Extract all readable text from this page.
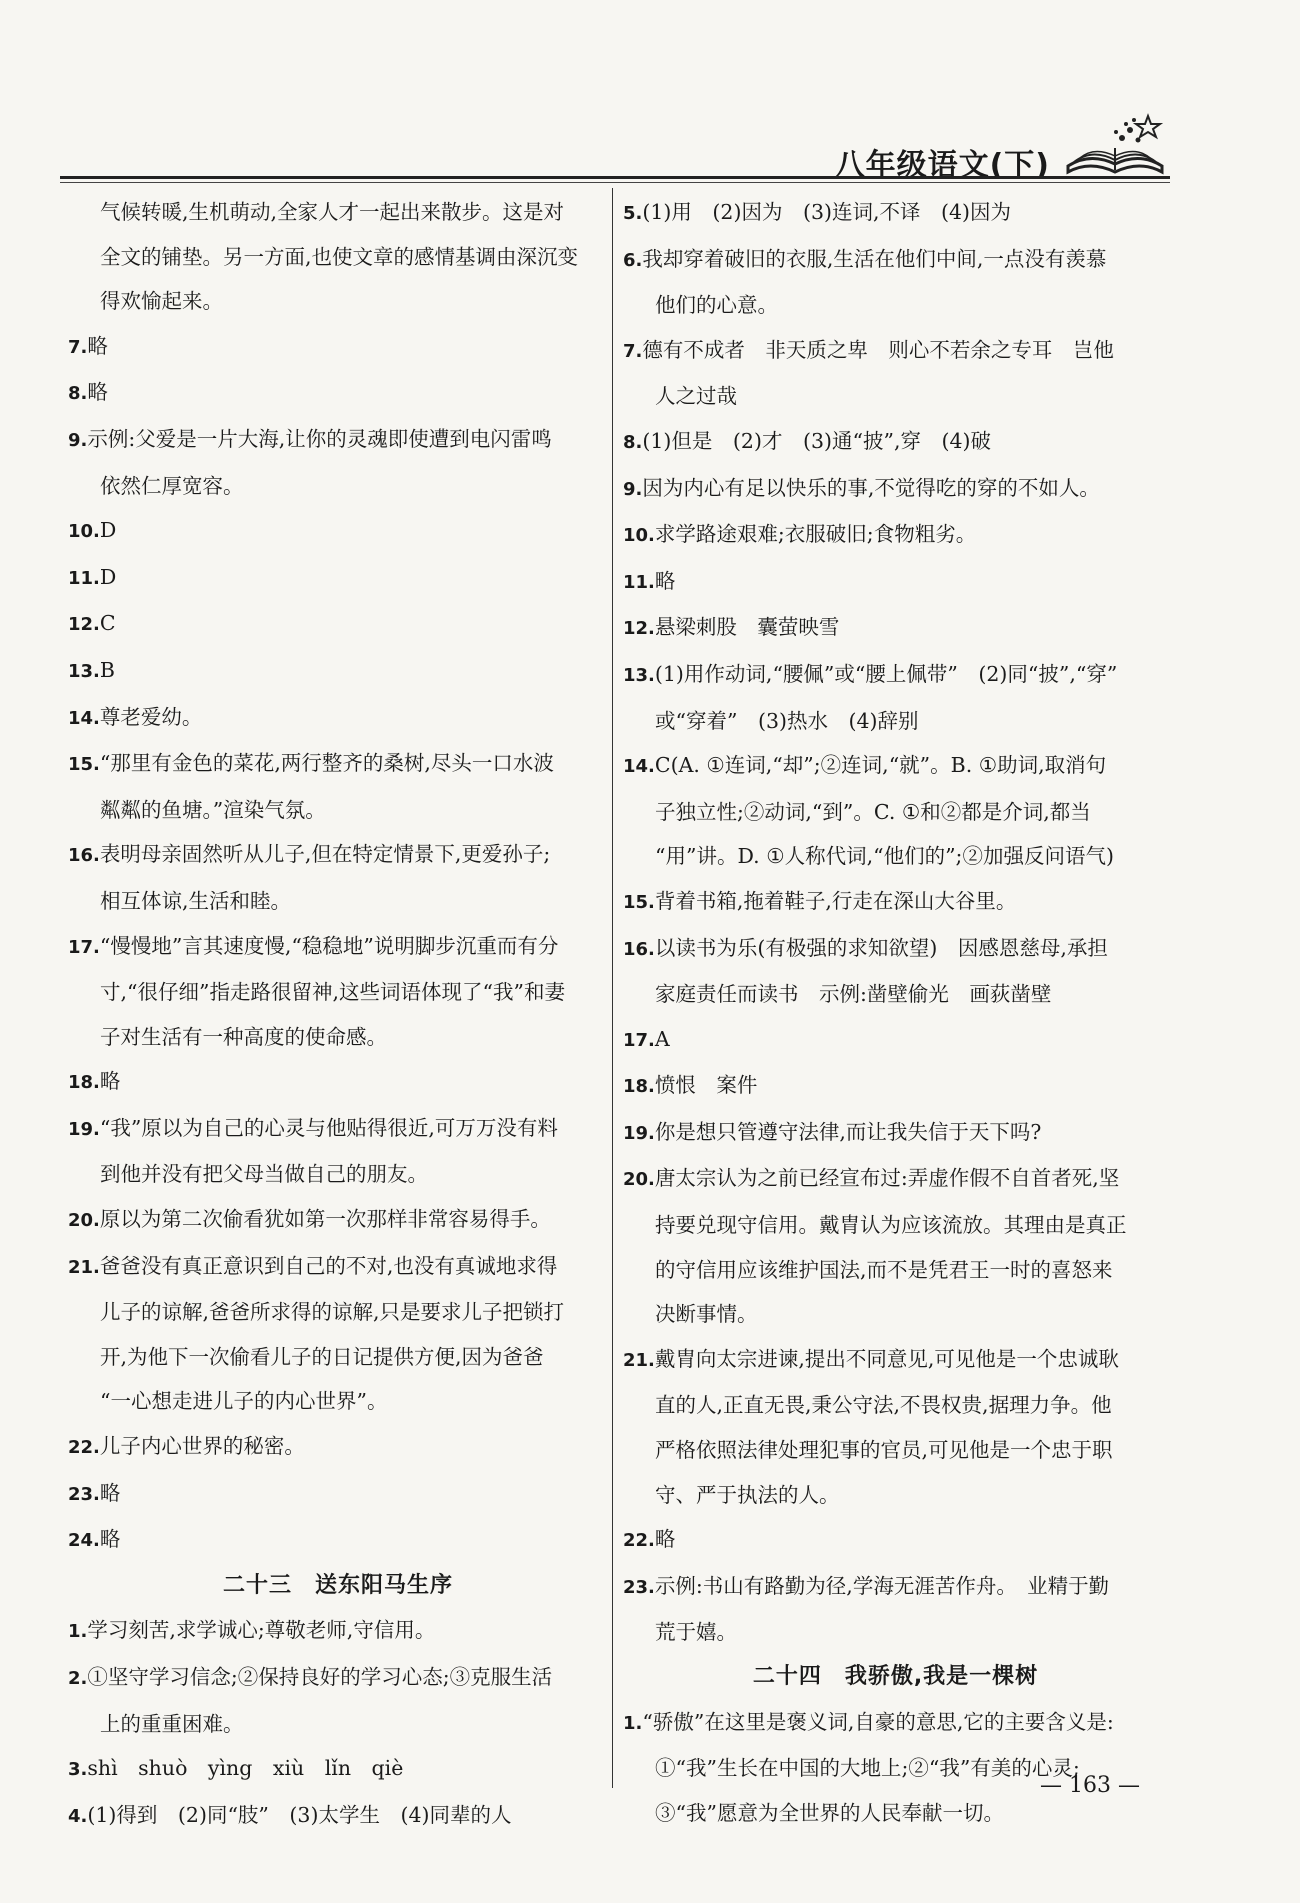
八年级语文(下)
气候转暖,生机萌动,全家人才一起出来散步。这是对
全文的铺垫。另一方面,也使文章的感情基调由深沉变
得欢愉起来。
7.略
8.略
9.示例:父爱是一片大海,让你的灵魂即使遭到电闪雷鸣
依然仁厚宽容。
10.D
11.D
12.C
13.B
14.尊老爱幼。
15.“那里有金色的菜花,两行整齐的桑树,尽头一口水波
粼粼的鱼塘。”渲染气氛。
16.表明母亲固然听从儿子,但在特定情景下,更爱孙子;
相互体谅,生活和睦。
17.“慢慢地”言其速度慢,“稳稳地”说明脚步沉重而有分
寸,“很仔细”指走路很留神,这些词语体现了“我”和妻
子对生活有一种高度的使命感。
18.略
19.“我”原以为自己的心灵与他贴得很近,可万万没有料
到他并没有把父母当做自己的朋友。
20.原以为第二次偷看犹如第一次那样非常容易得手。
21.爸爸没有真正意识到自己的不对,也没有真诚地求得
儿子的谅解,爸爸所求得的谅解,只是要求儿子把锁打
开,为他下一次偷看儿子的日记提供方便,因为爸爸
“一心想走进儿子的内心世界”。
22.儿子内心世界的秘密。
23.略
24.略
二十三　送东阳马生序
1.学习刻苦,求学诚心;尊敬老师,守信用。
2.①坚守学习信念;②保持良好的学习心态;③克服生活
上的重重困难。
3.shì　shuò　yìng　xiù　lǐn　qiè
4.(1)得到　(2)同“肢”　(3)太学生　(4)同辈的人
5.(1)用　(2)因为　(3)连词,不译　(4)因为
6.我却穿着破旧的衣服,生活在他们中间,一点没有羡慕
他们的心意。
7.德有不成者　非天质之卑　则心不若余之专耳　岂他
人之过哉
8.(1)但是　(2)才　(3)通“披”,穿　(4)破
9.因为内心有足以快乐的事,不觉得吃的穿的不如人。
10.求学路途艰难;衣服破旧;食物粗劣。
11.略
12.悬梁刺股　囊萤映雪
13.(1)用作动词,“腰佩”或“腰上佩带”　(2)同“披”,“穿”
或“穿着”　(3)热水　(4)辞别
14.C(A. ①连词,“却”;②连词,“就”。B. ①助词,取消句
子独立性;②动词,“到”。C. ①和②都是介词,都当
“用”讲。D. ①人称代词,“他们的”;②加强反问语气)
15.背着书箱,拖着鞋子,行走在深山大谷里。
16.以读书为乐(有极强的求知欲望)　因感恩慈母,承担
家庭责任而读书　示例:凿壁偷光　画荻凿壁
17.A
18.愤恨　案件
19.你是想只管遵守法律,而让我失信于天下吗?
20.唐太宗认为之前已经宣布过:弄虚作假不自首者死,坚
持要兑现守信用。戴胄认为应该流放。其理由是真正
的守信用应该维护国法,而不是凭君王一时的喜怒来
决断事情。
21.戴胄向太宗进谏,提出不同意见,可见他是一个忠诚耿
直的人,正直无畏,秉公守法,不畏权贵,据理力争。他
严格依照法律处理犯事的官员,可见他是一个忠于职
守、严于执法的人。
22.略
23.示例:书山有路勤为径,学海无涯苦作舟。　业精于勤
荒于嬉。
二十四　我骄傲,我是一棵树
1.“骄傲”在这里是褒义词,自豪的意思,它的主要含义是:
①“我”生长在中国的大地上;②“我”有美的心灵;
③“我”愿意为全世界的人民奉献一切。
— 163 —
